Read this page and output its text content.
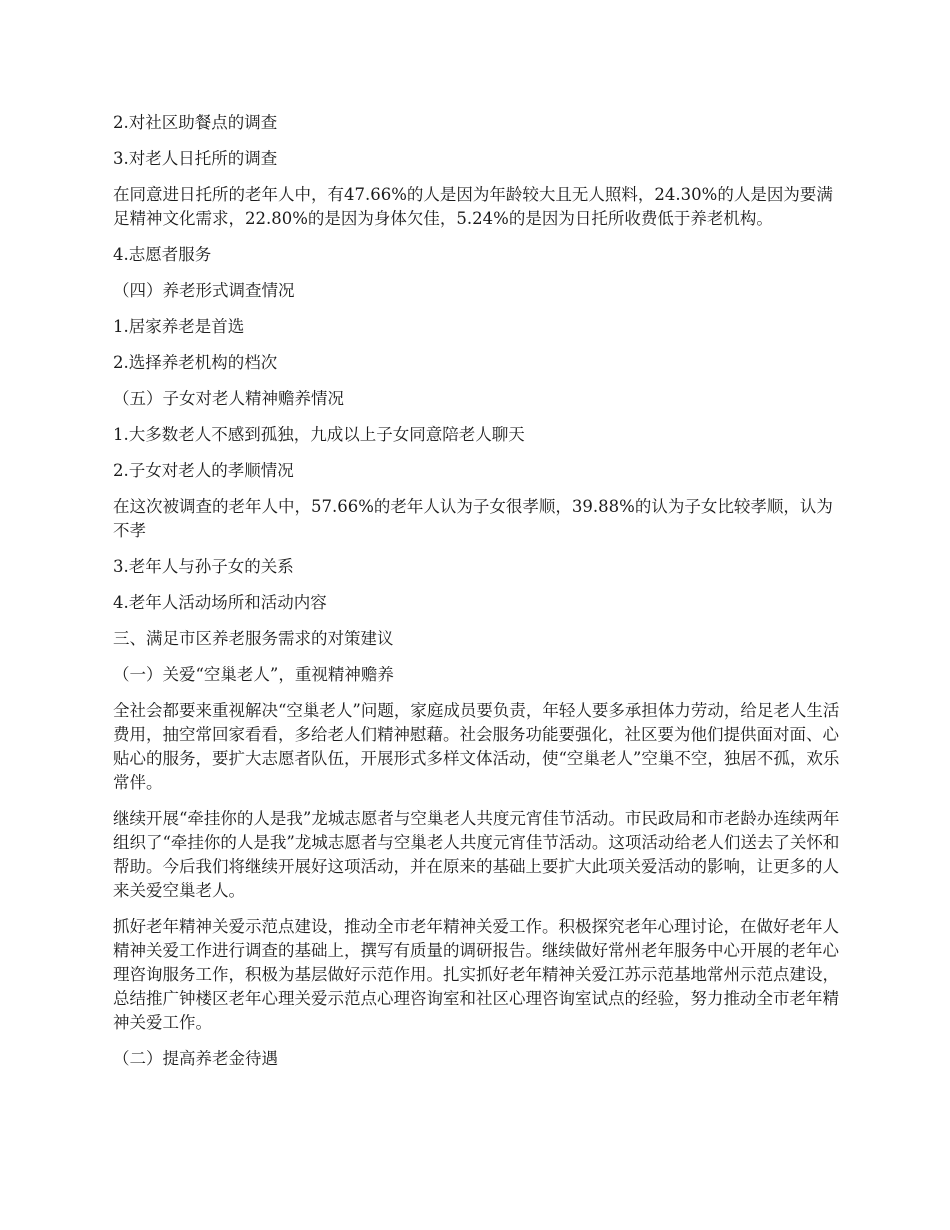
2.对社区助餐点的调查

3.对老人日托所的调查

在同意进日托所的老年人中，有47.66%的人是因为年龄较大且无人照料，24.30%的人是因为要满足精神文化需求，22.80%的是因为身体欠佳，5.24%的是因为日托所收费低于养老机构。

4.志愿者服务

（四）养老形式调查情况

1.居家养老是首选

2.选择养老机构的档次

（五）子女对老人精神赡养情况

1.大多数老人不感到孤独，九成以上子女同意陪老人聊天

2.子女对老人的孝顺情况

在这次被调查的老年人中，57.66%的老年人认为子女很孝顺，39.88%的认为子女比较孝顺，认为不孝

3.老年人与孙子女的关系

4.老年人活动场所和活动内容

三、满足市区养老服务需求的对策建议

（一）关爱“空巢老人”，重视精神赡养

全社会都要来重视解决“空巢老人”问题，家庭成员要负责，年轻人要多承担体力劳动，给足老人生活费用，抽空常回家看看，多给老人们精神慰藉。社会服务功能要强化，社区要为他们提供面对面、心贴心的服务，要扩大志愿者队伍，开展形式多样文体活动，使“空巢老人”空巢不空，独居不孤，欢乐常伴。

继续开展“牵挂你的人是我”龙城志愿者与空巢老人共度元宵佳节活动。市民政局和市老龄办连续两年组织了“牵挂你的人是我”龙城志愿者与空巢老人共度元宵佳节活动。这项活动给老人们送去了关怀和帮助。今后我们将继续开展好这项活动，并在原来的基础上要扩大此项关爱活动的影响，让更多的人来关爱空巢老人。

抓好老年精神关爱示范点建设，推动全市老年精神关爱工作。积极探究老年心理讨论，在做好老年人精神关爱工作进行调查的基础上，撰写有质量的调研报告。继续做好常州老年服务中心开展的老年心理咨询服务工作，积极为基层做好示范作用。扎实抓好老年精神关爱江苏示范基地常州示范点建设，总结推广钟楼区老年心理关爱示范点心理咨询室和社区心理咨询室试点的经验，努力推动全市老年精神关爱工作。

（二）提高养老金待遇
